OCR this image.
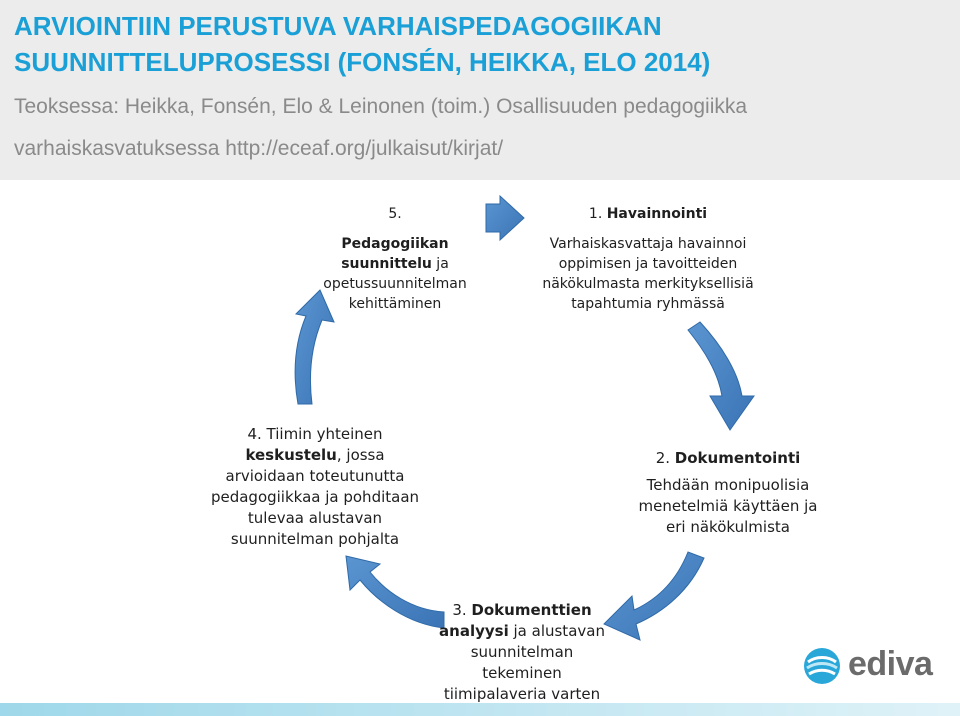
ARVIOINTIIN PERUSTUVA VARHAISPEDAGOGIIKAN SUUNNITTELUPROSESSI (FONSÉN, HEIKKA, ELO 2014)
Teoksessa: Heikka, Fonsén, Elo & Leinonen (toim.) Osallisuuden pedagogiikka varhaiskasvatuksessa http://eceaf.org/julkaisut/kirjat/
5.

Pedagogiikan suunnittelu ja opetussuunnitelman kehittäminen
1. Havainnointi

Varhaiskasvattaja havainnoi oppimisen ja tavoitteiden näkökulmasta merkityksellisiä tapahtumia ryhmässä
2. Dokumentointi

Tehdään monipuolisia menetelmiä käyttäen ja eri näkökulmista
3. Dokumenttien analyysi ja alustavan suunnitelman tekeminen tiimipalaveria varten
4. Tiimin yhteinen keskustelu, jossa arvioidaan toteutunutta pedagogiikkaa ja pohditaan tulevaa alustavan suunnitelman pohjalta
ediva
